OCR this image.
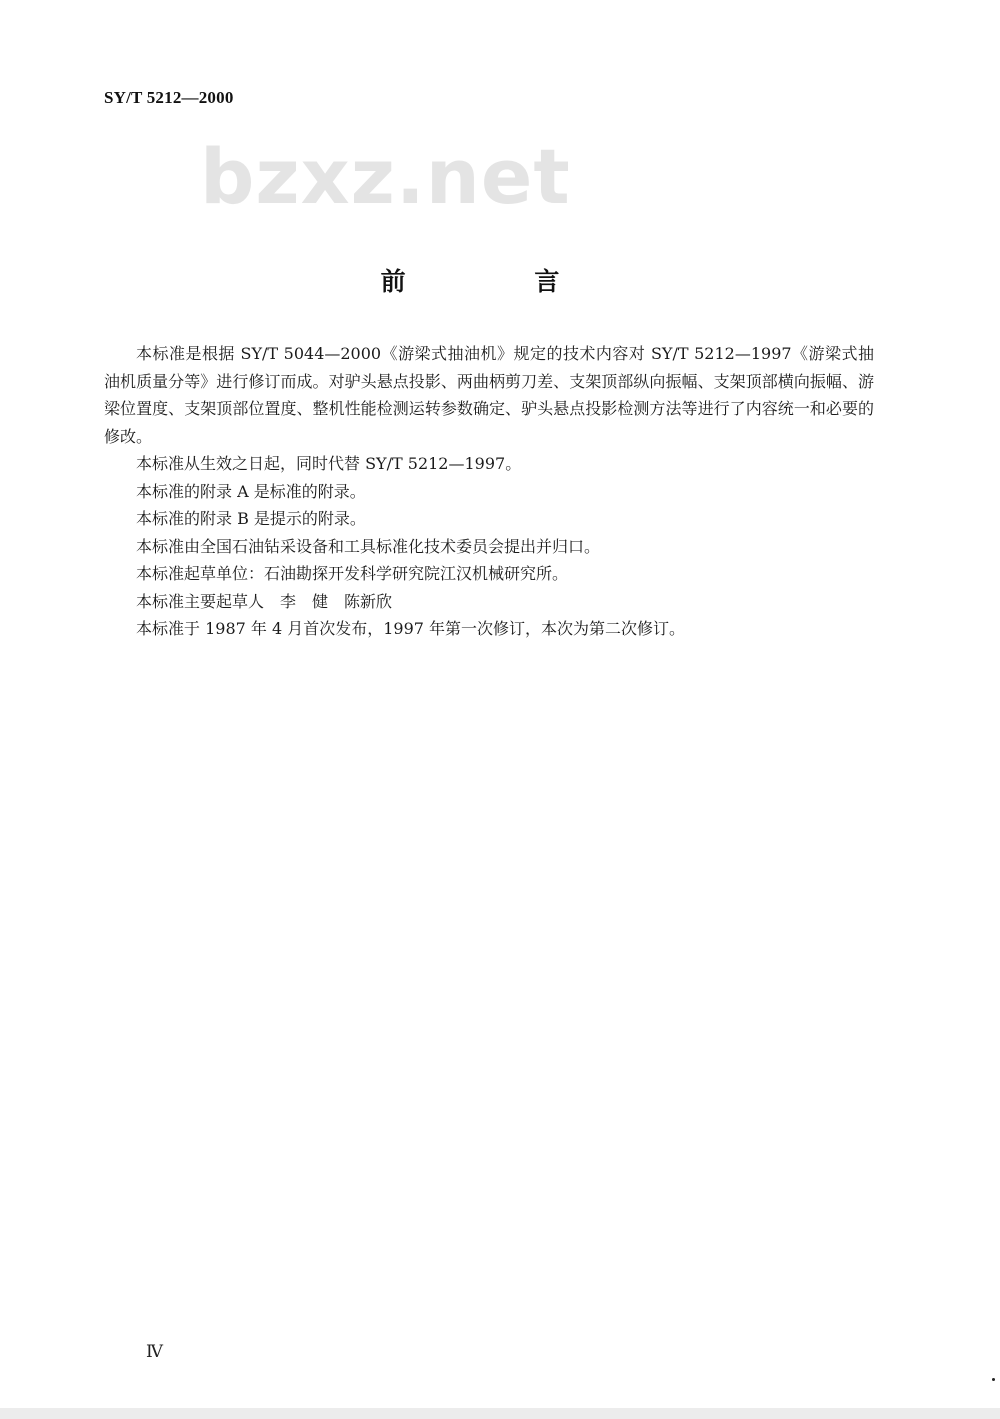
SY/T 5212—2000
bzxz.net
前 言

本标准是根据 SY/T 5044—2000《游梁式抽油机》规定的技术内容对 SY/T 5212—1997《游梁式抽油机质量分等》进行修订而成。对驴头悬点投影、两曲柄剪刀差、支架顶部纵向振幅、支架顶部横向振幅、游梁位置度、支架顶部位置度、整机性能检测运转参数确定、驴头悬点投影检测方法等进行了内容统一和必要的修改。

本标准从生效之日起，同时代替 SY/T 5212—1997。

本标准的附录 A 是标准的附录。

本标准的附录 B 是提示的附录。

本标准由全国石油钻采设备和工具标准化技术委员会提出并归口。

本标准起草单位：石油勘探开发科学研究院江汉机械研究所。

本标准主要起草人　李　健　陈新欣

本标准于 1987 年 4 月首次发布，1997 年第一次修订，本次为第二次修订。

Ⅳ
